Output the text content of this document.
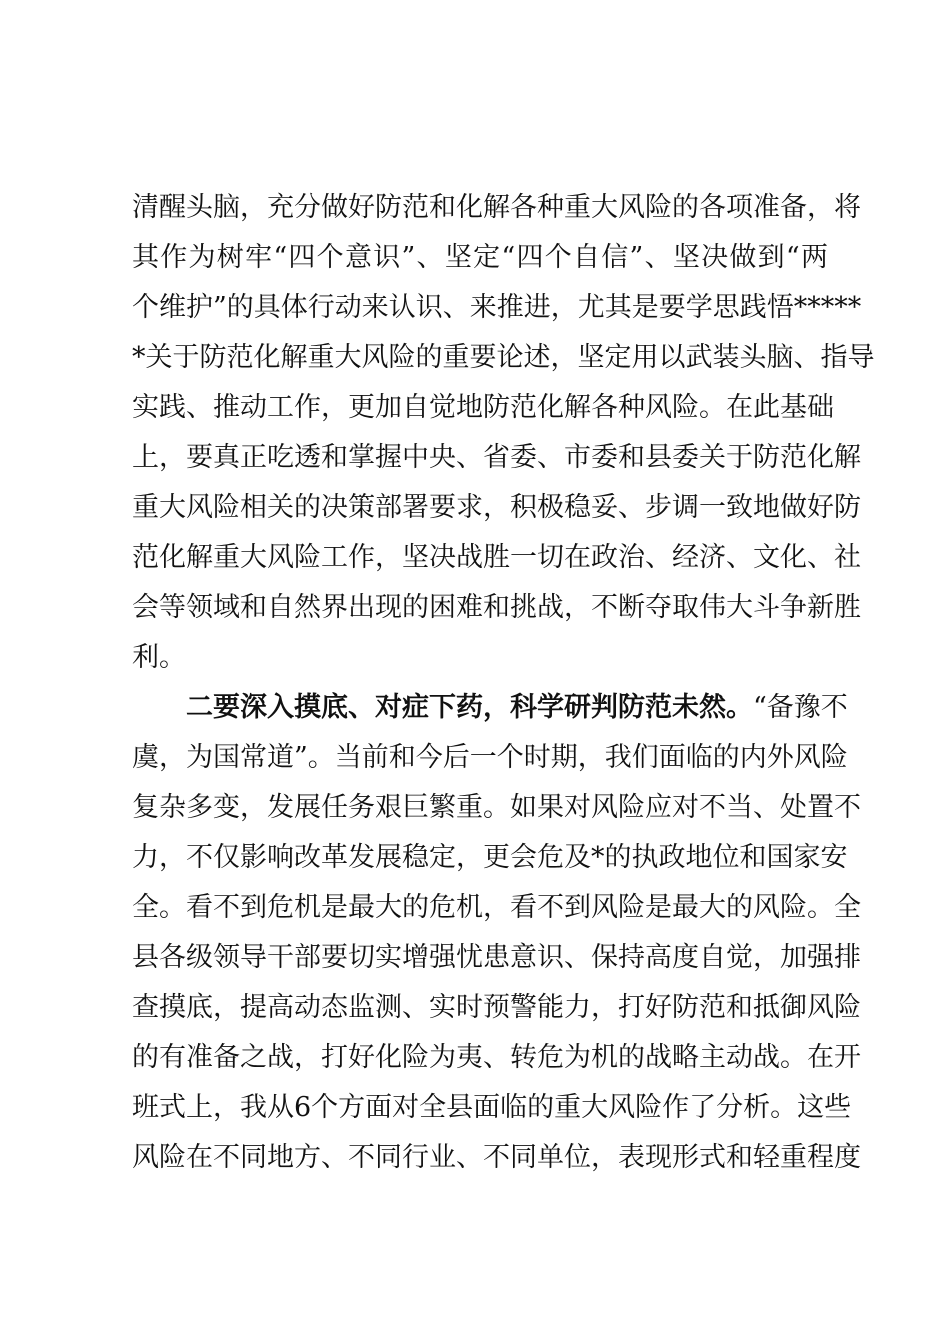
清醒头脑，充分做好防范和化解各种重大风险的各项准备，将
其作为树牢“四个意识”、坚定“四个自信”、坚决做到“两
个维护”的具体行动来认识、来推进，尤其是要学思践悟*****
*关于防范化解重大风险的重要论述，坚定用以武装头脑、指导
实践、推动工作，更加自觉地防范化解各种风险。在此基础
上，要真正吃透和掌握中央、省委、市委和县委关于防范化解
重大风险相关的决策部署要求，积极稳妥、步调一致地做好防
范化解重大风险工作，坚决战胜一切在政治、经济、文化、社
会等领域和自然界出现的困难和挑战，不断夺取伟大斗争新胜
利。
二要深入摸底、对症下药，科学研判防范未然。“备豫不
虞，为国常道”。当前和今后一个时期，我们面临的内外风险
复杂多变，发展任务艰巨繁重。如果对风险应对不当、处置不
力，不仅影响改革发展稳定，更会危及*的执政地位和国家安
全。看不到危机是最大的危机，看不到风险是最大的风险。全
县各级领导干部要切实增强忧患意识、保持高度自觉，加强排
查摸底，提高动态监测、实时预警能力，打好防范和抵御风险
的有准备之战，打好化险为夷、转危为机的战略主动战。在开
班式上，我从6个方面对全县面临的重大风险作了分析。这些
风险在不同地方、不同行业、不同单位，表现形式和轻重程度
